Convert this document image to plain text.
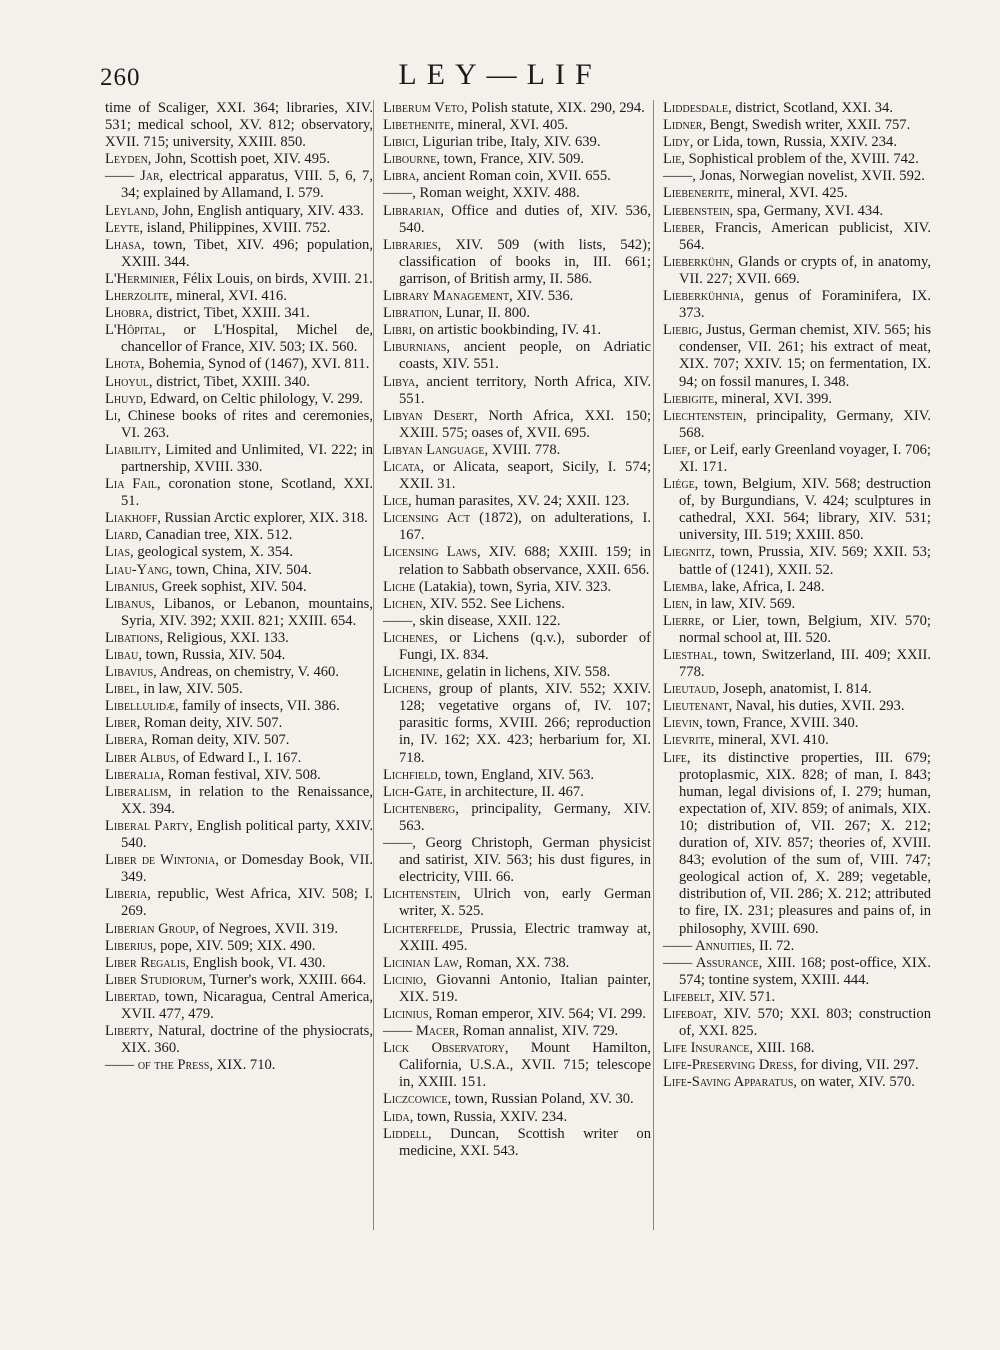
260	LEY—LIF

time of Scaliger, XXI. 364; libraries, XIV. 531; medical school, XV. 812; observatory, XVII. 715; university, XXIII. 850.

Leyden, John, Scottish poet, XIV. 495.

—— Jar, electrical apparatus, VIII. 5, 6, 7, 34; explained by Allamand, I. 579.

Leyland, John, English antiquary, XIV. 433.

Leyte, island, Philippines, XVIII. 752.

Lhasa, town, Tibet, XIV. 496; population, XXIII. 344.

L'Herminier, Félix Louis, on birds, XVIII. 21.

Lherzolite, mineral, XVI. 416.

Lhobra, district, Tibet, XXIII. 341.

L'Hôpital, or L'Hospital, Michel de, chancellor of France, XIV. 503; IX. 560.

Lhota, Bohemia, Synod of (1467), XVI. 811.

Lhoyul, district, Tibet, XXIII. 340.

Lhuyd, Edward, on Celtic philology, V. 299.

Li, Chinese books of rites and ceremonies, VI. 263.

Liability, Limited and Unlimited, VI. 222; in partnership, XVIII. 330.

Lia Fail, coronation stone, Scotland, XXI. 51.

Liakhoff, Russian Arctic explorer, XIX. 318.

Liard, Canadian tree, XIX. 512.

Lias, geological system, X. 354.

Liau-Yang, town, China, XIV. 504.

Libanius, Greek sophist, XIV. 504.

Libanus, Libanos, or Lebanon, mountains, Syria, XIV. 392; XXII. 821; XXIII. 654.

Libations, Religious, XXI. 133.

Libau, town, Russia, XIV. 504.

Libavius, Andreas, on chemistry, V. 460.

Libel, in law, XIV. 505.

Libellulidæ, family of insects, VII. 386.

Liber, Roman deity, XIV. 507.

Libera, Roman deity, XIV. 507.

Liber Albus, of Edward I., I. 167.

Liberalia, Roman festival, XIV. 508.

Liberalism, in relation to the Renaissance, XX. 394.

Liberal Party, English political party, XXIV. 540.

Liber de Wintonia, or Domesday Book, VII. 349.

Liberia, republic, West Africa, XIV. 508; I. 269.

Liberian Group, of Negroes, XVII. 319.

Liberius, pope, XIV. 509; XIX. 490.

Liber Regalis, English book, VI. 430.

Liber Studiorum, Turner's work, XXIII. 664.

Libertad, town, Nicaragua, Central America, XVII. 477, 479.

Liberty, Natural, doctrine of the physiocrats, XIX. 360.

—— of the Press, XIX. 710.

Liberum Veto, Polish statute, XIX. 290, 294.

Libethenite, mineral, XVI. 405.

Libici, Ligurian tribe, Italy, XIV. 639.

Libourne, town, France, XIV. 509.

Libra, ancient Roman coin, XVII. 655.

——, Roman weight, XXIV. 488.

Librarian, Office and duties of, XIV. 536, 540.

Libraries, XIV. 509 (with lists, 542); classification of books in, III. 661; garrison, of British army, II. 586.

Library Management, XIV. 536.

Libration, Lunar, II. 800.

Libri, on artistic bookbinding, IV. 41.

Liburnians, ancient people, on Adriatic coasts, XIV. 551.

Libya, ancient territory, North Africa, XIV. 551.

Libyan Desert, North Africa, XXI. 150; XXIII. 575; oases of, XVII. 695.

Libyan Language, XVIII. 778.

Licata, or Alicata, seaport, Sicily, I. 574; XXII. 31.

Lice, human parasites, XV. 24; XXII. 123.

Licensing Act (1872), on adulterations, I. 167.

Licensing Laws, XIV. 688; XXIII. 159; in relation to Sabbath observance, XXII. 656.

Liche (Latakia), town, Syria, XIV. 323.

Lichen, XIV. 552. See Lichens.

——, skin disease, XXII. 122.

Lichenes, or Lichens (q.v.), suborder of Fungi, IX. 834.

Lichenine, gelatin in lichens, XIV. 558.

Lichens, group of plants, XIV. 552; XXIV. 128; vegetative organs of, IV. 107; parasitic forms, XVIII. 266; reproduction in, IV. 162; XX. 423; herbarium for, XI. 718.

Lichfield, town, England, XIV. 563.

Lich-Gate, in architecture, II. 467.

Lichtenberg, principality, Germany, XIV. 563.

——, Georg Christoph, German physicist and satirist, XIV. 563; his dust figures, in electricity, VIII. 66.

Lichtenstein, Ulrich von, early German writer, X. 525.

Lichterfelde, Prussia, Electric tramway at, XXIII. 495.

Licinian Law, Roman, XX. 738.

Licinio, Giovanni Antonio, Italian painter, XIX. 519.

Licinius, Roman emperor, XIV. 564; VI. 299.

—— Macer, Roman annalist, XIV. 729.

Lick Observatory, Mount Hamilton, California, U.S.A., XVII. 715; telescope in, XXIII. 151.

Liczcowice, town, Russian Poland, XV. 30.

Lida, town, Russia, XXIV. 234.

Liddell, Duncan, Scottish writer on medicine, XXI. 543.

Liddesdale, district, Scotland, XXI. 34.

Lidner, Bengt, Swedish writer, XXII. 757.

Lidy, or Lida, town, Russia, XXIV. 234.

Lie, Sophistical problem of the, XVIII. 742.

——, Jonas, Norwegian novelist, XVII. 592.

Liebenerite, mineral, XVI. 425.

Liebenstein, spa, Germany, XVI. 434.

Lieber, Francis, American publicist, XIV. 564.

Lieberkühn, Glands or crypts of, in anatomy, VII. 227; XVII. 669.

Lieberkühnia, genus of Foraminifera, IX. 373.

Liebig, Justus, German chemist, XIV. 565; his condenser, VII. 261; his extract of meat, XIX. 707; XXIV. 15; on fermentation, IX. 94; on fossil manures, I. 348.

Liebigite, mineral, XVI. 399.

Liechtenstein, principality, Germany, XIV. 568.

Lief, or Leif, early Greenland voyager, I. 706; XI. 171.

Liége, town, Belgium, XIV. 568; destruction of, by Burgundians, V. 424; sculptures in cathedral, XXI. 564; library, XIV. 531; university, III. 519; XXIII. 850.

Liegnitz, town, Prussia, XIV. 569; XXII. 53; battle of (1241), XXII. 52.

Liemba, lake, Africa, I. 248.

Lien, in law, XIV. 569.

Lierre, or Lier, town, Belgium, XIV. 570; normal school at, III. 520.

Liesthal, town, Switzerland, III. 409; XXII. 778.

Lieutaud, Joseph, anatomist, I. 814.

Lieutenant, Naval, his duties, XVII. 293.

Lievin, town, France, XVIII. 340.

Lievrite, mineral, XVI. 410.

Life, its distinctive properties, III. 679; protoplasmic, XIX. 828; of man, I. 843; human, legal divisions of, I. 279; human, expectation of, XIV. 859; of animals, XIX. 10; distribution of, VII. 267; X. 212; duration of, XIV. 857; theories of, XVIII. 843; evolution of the sum of, VIII. 747; geological action of, X. 289; vegetable, distribution of, VII. 286; X. 212; attributed to fire, IX. 231; pleasures and pains of, in philosophy, XVIII. 690.

—— Annuities, II. 72.

—— Assurance, XIII. 168; post-office, XIX. 574; tontine system, XXIII. 444.

Lifebelt, XIV. 571.

Lifeboat, XIV. 570; XXI. 803; construction of, XXI. 825.

Life Insurance, XIII. 168.

Life-Preserving Dress, for diving, VII. 297.

Life-Saving Apparatus, on water, XIV. 570.
